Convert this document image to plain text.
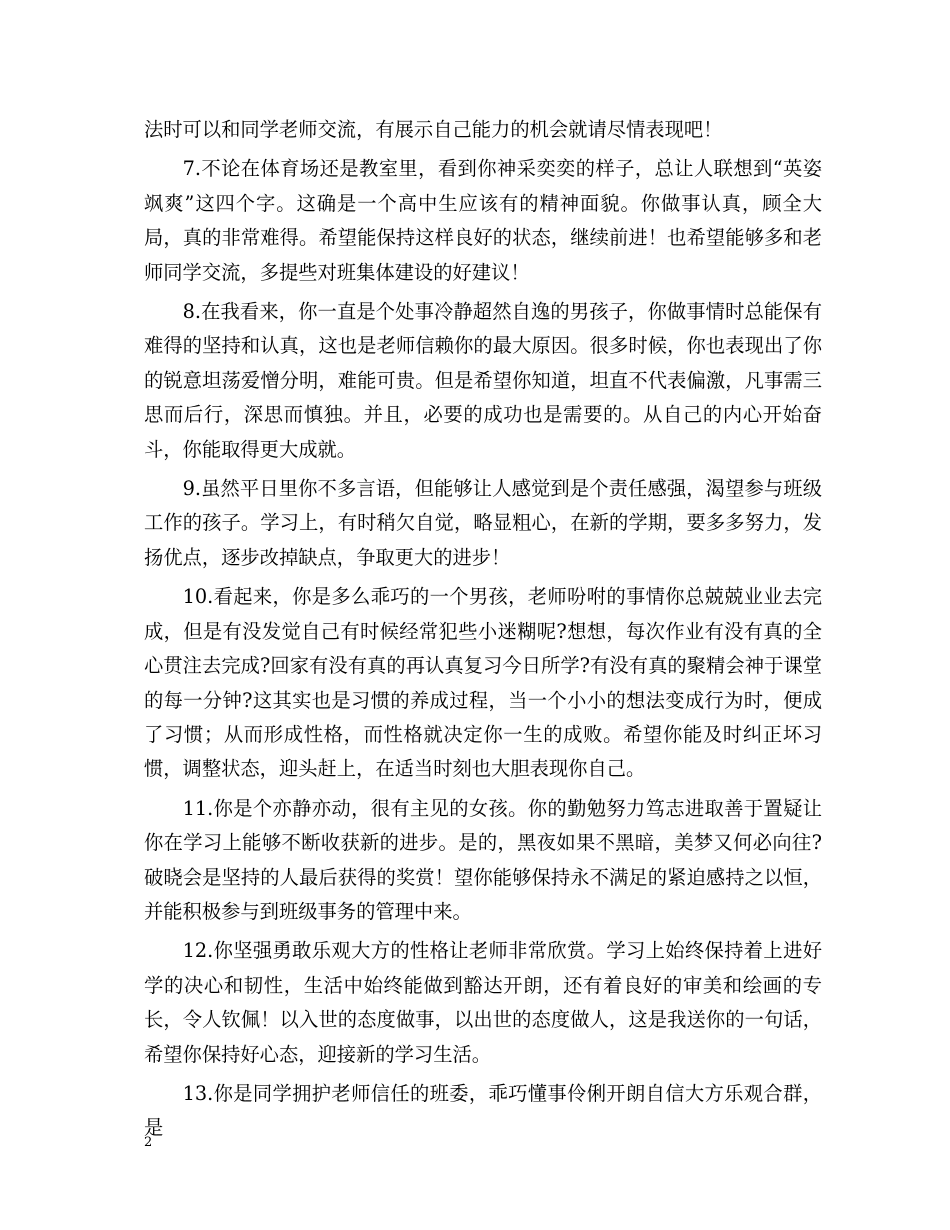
法时可以和同学老师交流，有展示自己能力的机会就请尽情表现吧！

7.不论在体育场还是教室里，看到你神采奕奕的样子，总让人联想到“英姿飒爽”这四个字。这确是一个高中生应该有的精神面貌。你做事认真，顾全大局，真的非常难得。希望能保持这样良好的状态，继续前进！也希望能够多和老师同学交流，多提些对班集体建设的好建议！

8.在我看来，你一直是个处事冷静超然自逸的男孩子，你做事情时总能保有难得的坚持和认真，这也是老师信赖你的最大原因。很多时候，你也表现出了你的锐意坦荡爱憎分明，难能可贵。但是希望你知道，坦直不代表偏激，凡事需三思而后行，深思而慎独。并且，必要的成功也是需要的。从自己的内心开始奋斗，你能取得更大成就。

9.虽然平日里你不多言语，但能够让人感觉到是个责任感强，渴望参与班级工作的孩子。学习上，有时稍欠自觉，略显粗心，在新的学期，要多多努力，发扬优点，逐步改掉缺点，争取更大的进步！

10.看起来，你是多么乖巧的一个男孩，老师吩咐的事情你总兢兢业业去完成，但是有没发觉自己有时候经常犯些小迷糊呢?想想，每次作业有没有真的全心贯注去完成?回家有没有真的再认真复习今日所学?有没有真的聚精会神于课堂的每一分钟?这其实也是习惯的养成过程，当一个小小的想法变成行为时，便成了习惯；从而形成性格，而性格就决定你一生的成败。希望你能及时纠正坏习惯，调整状态，迎头赶上，在适当时刻也大胆表现你自己。

11.你是个亦静亦动，很有主见的女孩。你的勤勉努力笃志进取善于置疑让你在学习上能够不断收获新的进步。是的，黑夜如果不黑暗，美梦又何必向往?破晓会是坚持的人最后获得的奖赏！望你能够保持永不满足的紧迫感持之以恒，并能积极参与到班级事务的管理中来。

12.你坚强勇敢乐观大方的性格让老师非常欣赏。学习上始终保持着上进好学的决心和韧性，生活中始终能做到豁达开朗，还有着良好的审美和绘画的专长，令人钦佩！以入世的态度做事，以出世的态度做人，这是我送你的一句话，希望你保持好心态，迎接新的学习生活。

13.你是同学拥护老师信任的班委，乖巧懂事伶俐开朗自信大方乐观合群，是

2
